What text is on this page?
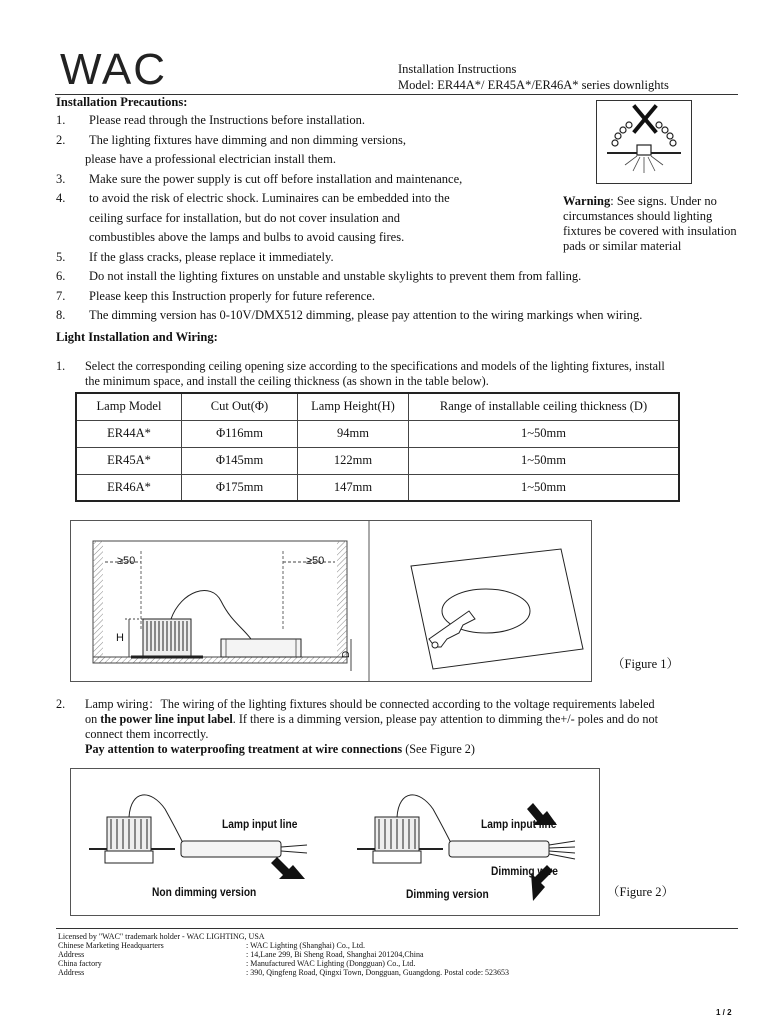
WAC	Installation Instructions
Model: ER44A*/ ER45A*/ER46A* series downlights
Installation Precautions:
1. Please read through the Instructions before installation.
2. The lighting fixtures have dimming and non dimming versions,
please have a professional electrician install them.
3. Make sure the power supply is cut off before installation and maintenance,
4. to avoid the risk of electric shock. Luminaires can be embedded into the
ceiling surface for installation, but do not cover insulation and
combustibles above the lamps and bulbs to avoid causing fires.
5. If the glass cracks, please replace it immediately.
6. Do not install the lighting fixtures on unstable and unstable skylights to prevent them from falling.
7. Please keep this Instruction properly for future reference.
8. The dimming version has 0-10V/DMX512 dimming, please pay attention to the wiring markings when wiring.
Warning: See signs. Under no
circumstances should lighting
fixtures be covered with insulation
pads or similar material
Light Installation and Wiring:
1. Select the corresponding ceiling opening size according to the specifications and models of the lighting fixtures, install
the minimum space, and install the ceiling thickness (as shown in the table below).
Lamp Model	Cut Out(Φ)	Lamp Height(H)	Range of installable ceiling thickness (D)
ER44A*	Φ116mm	94mm	1~50mm
ER45A*	Φ145mm	122mm	1~50mm
ER46A*	Φ175mm	147mm	1~50mm
≥50	≥50
H
D
（Figure 1）
2. Lamp wiring：The wiring of the lighting fixtures should be connected according to the voltage requirements labeled
on the power line input label. If there is a dimming version, please pay attention to dimming the+/- poles and do not
connect them incorrectly.
Pay attention to waterproofing treatment at wire connections (See Figure 2)
Lamp input line
Non dimming version
Lamp input line
Dimming wire
Dimming version	（Figure 2）
Licensed by "WAC" trademark holder - WAC LIGHTING, USA
Chinese Marketing Headquarters	: WAC Lighting (Shanghai) Co., Ltd.
Address	: 14,Lane 299, Bi Sheng Road, Shanghai 201204,China
China factory	: Manufactured WAC Lighting (Dongguan) Co., Ltd.
Address	: 390, Qingfeng Road, Qingxi Town, Dongguan, Guangdong. Postal code: 523653
1 / 2
